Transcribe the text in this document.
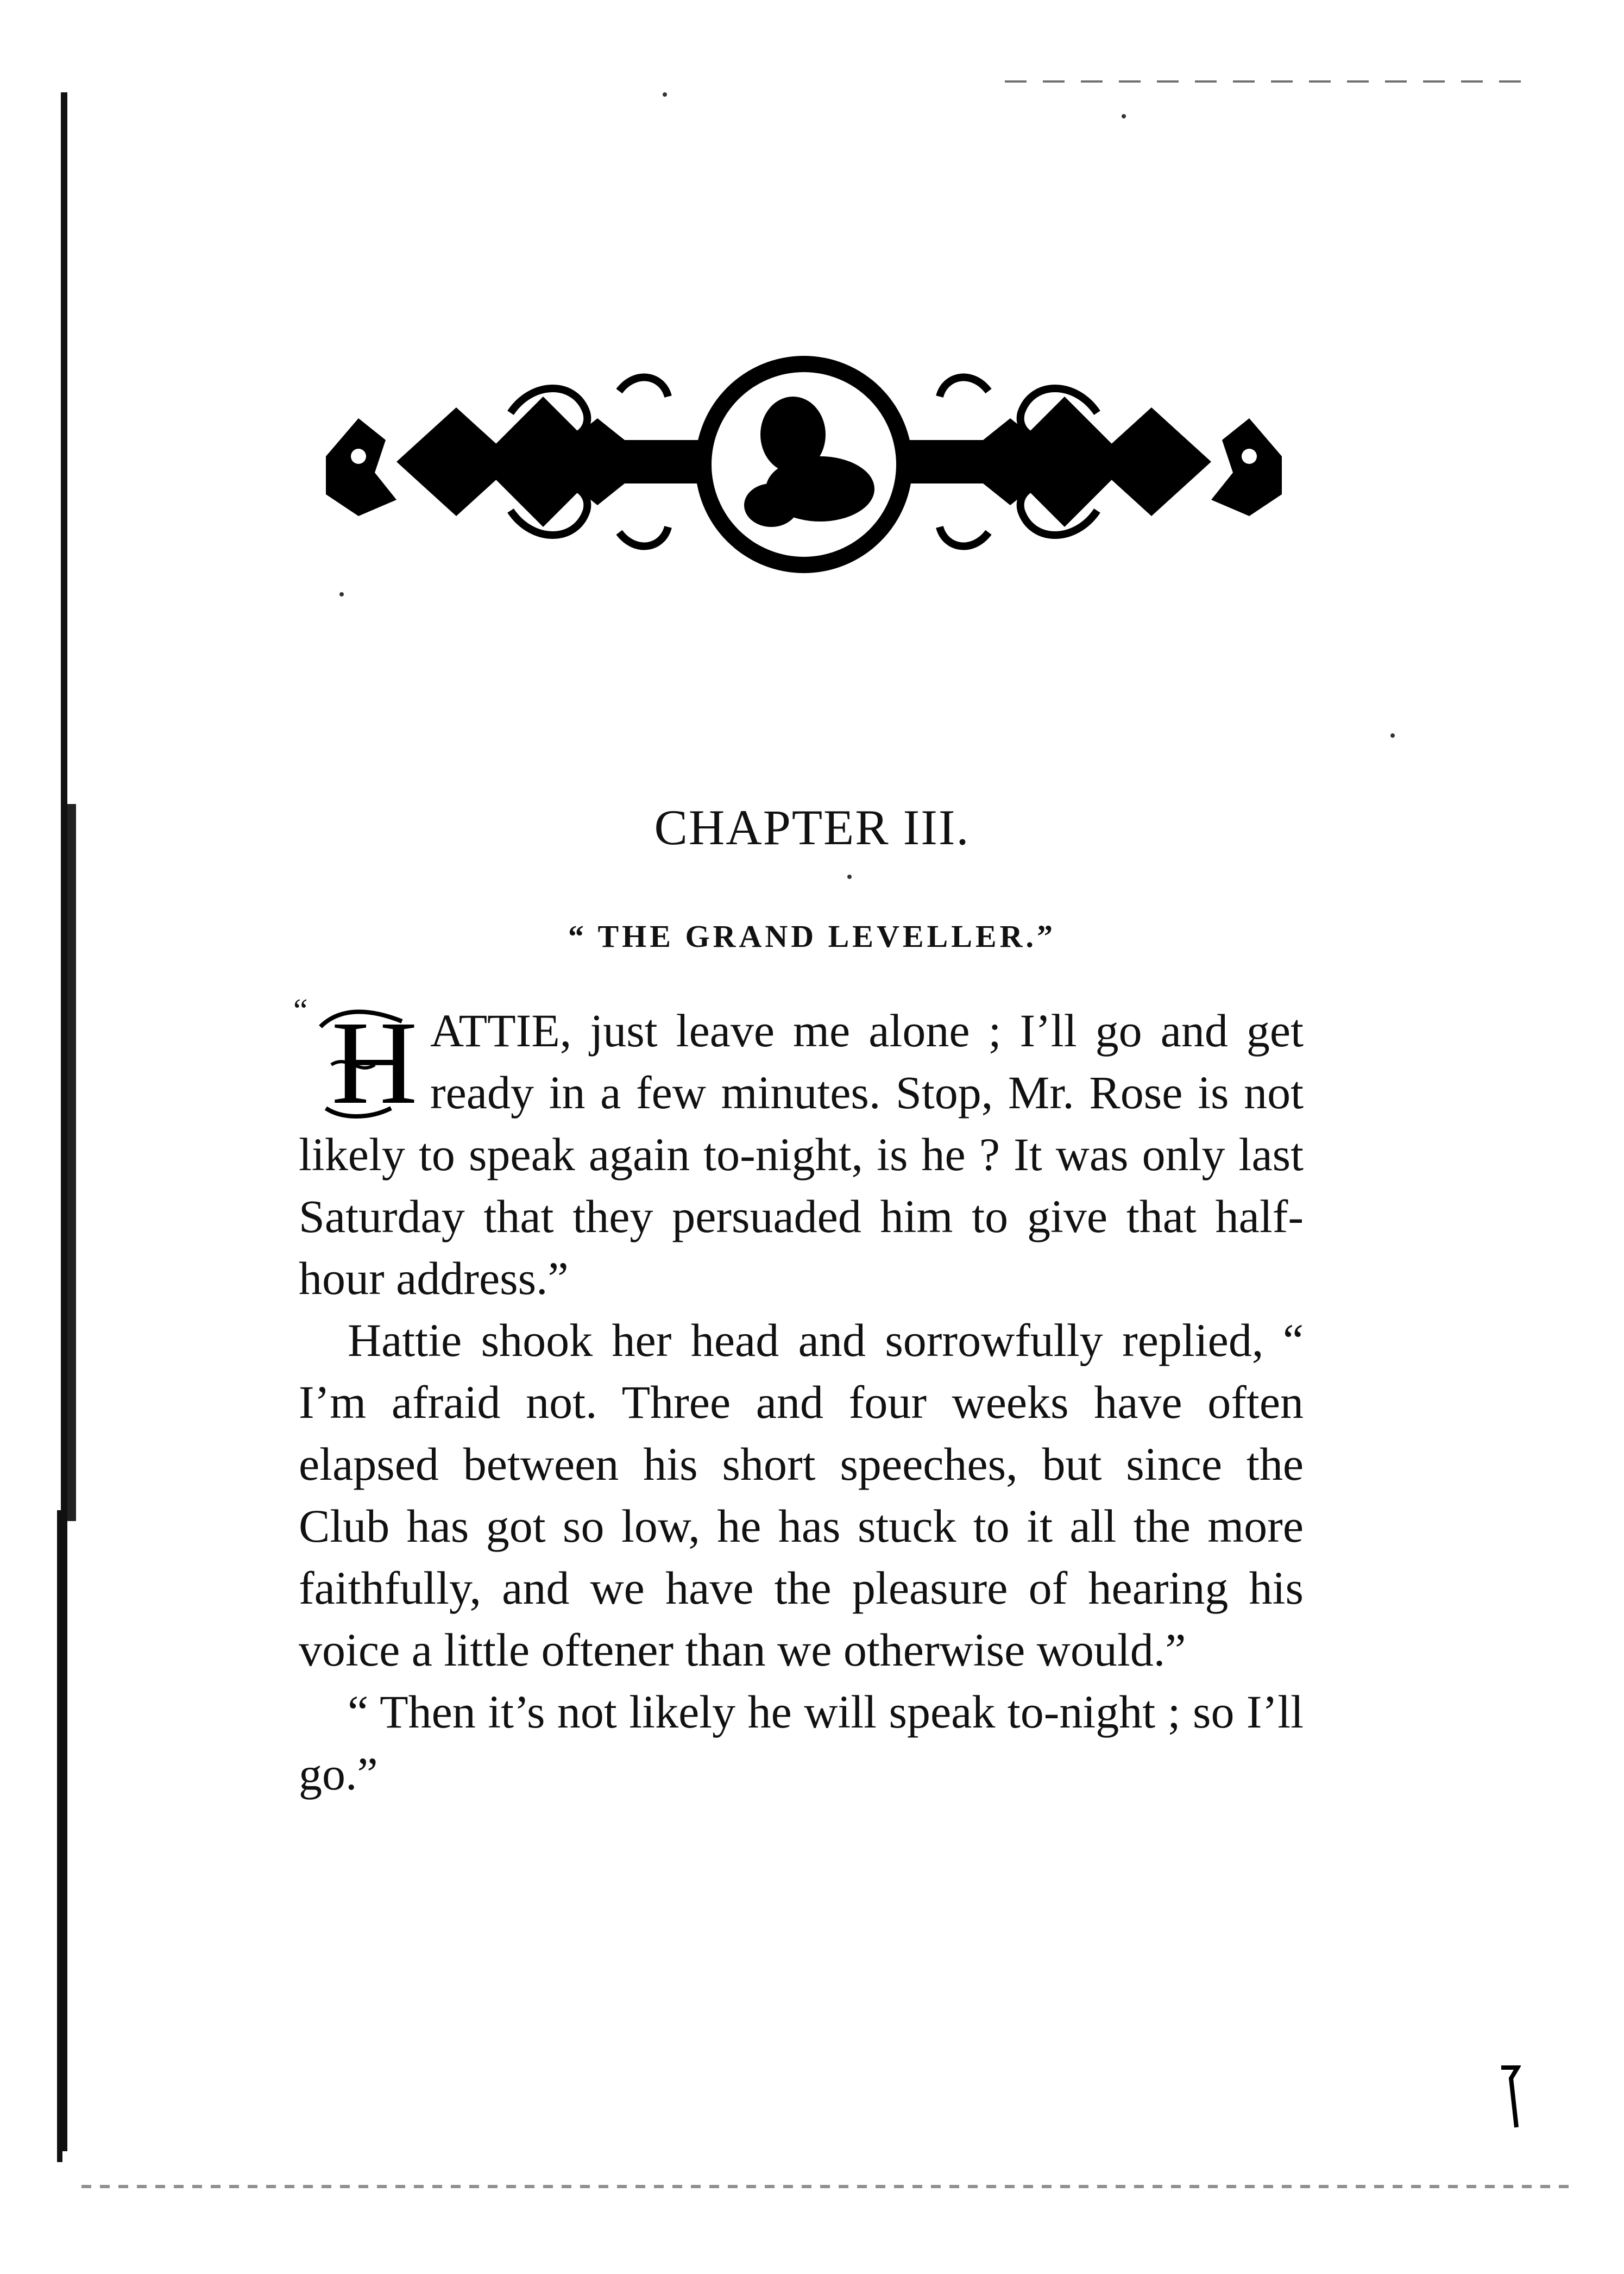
CHAPTER III.
“ THE GRAND LEVELLER.”

“ H ATTIE, just leave me alone ; I’ll go and get ready in a few minutes. Stop, Mr. Rose is not likely to speak again to-night, is he ? It was only last Saturday that they persuaded him to give that half-hour address.”

Hattie shook her head and sorrowfully replied, “ I’m afraid not. Three and four weeks have often elapsed between his short speeches, but since the Club has got so low, he has stuck to it all the more faithfully, and we have the pleasure of hearing his voice a little oftener than we otherwise would.”

“ Then it’s not likely he will speak to-night ; so I’ll go.”
